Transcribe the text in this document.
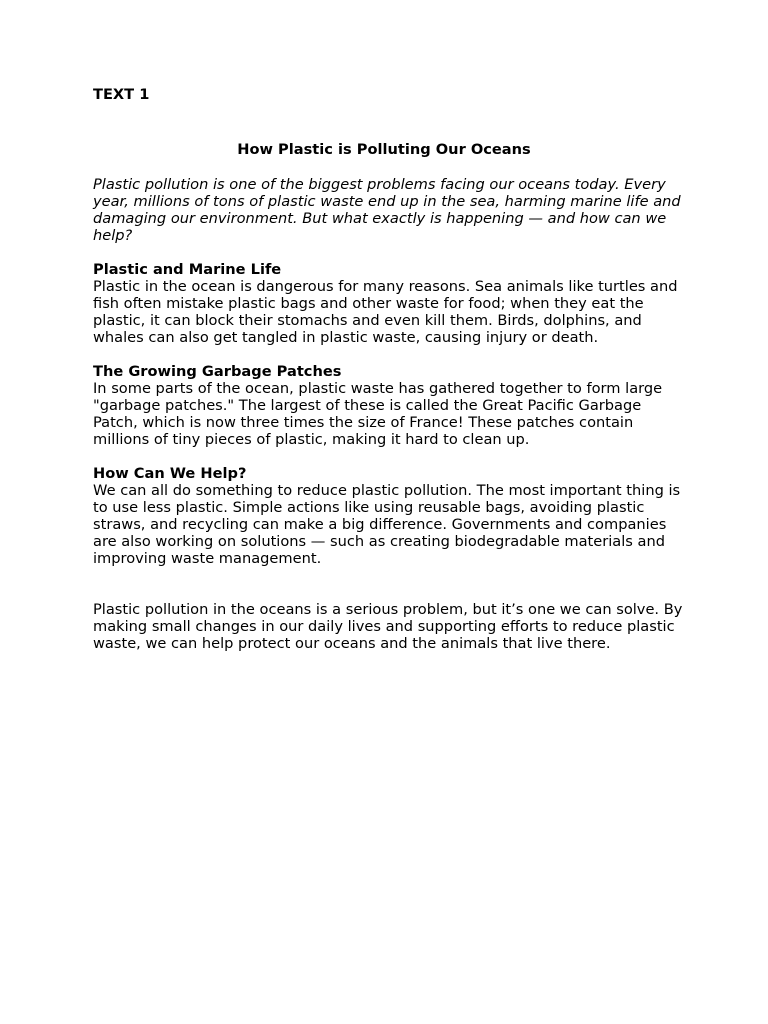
TEXT 1

How Plastic is Polluting Our Oceans

Plastic pollution is one of the biggest problems facing our oceans today. Every year, millions of tons of plastic waste end up in the sea, harming marine life and damaging our environment. But what exactly is happening — and how can we help?

Plastic and Marine Life

Plastic in the ocean is dangerous for many reasons. Sea animals like turtles and fish often mistake plastic bags and other waste for food; when they eat the plastic, it can block their stomachs and even kill them. Birds, dolphins, and whales can also get tangled in plastic waste, causing injury or death.

The Growing Garbage Patches

In some parts of the ocean, plastic waste has gathered together to form large "garbage patches." The largest of these is called the Great Pacific Garbage Patch, which is now three times the size of France! These patches contain millions of tiny pieces of plastic, making it hard to clean up.

How Can We Help?

We can all do something to reduce plastic pollution. The most important thing is to use less plastic. Simple actions like using reusable bags, avoiding plastic straws, and recycling can make a big difference. Governments and companies are also working on solutions — such as creating biodegradable materials and improving waste management.

Plastic pollution in the oceans is a serious problem, but it’s one we can solve. By making small changes in our daily lives and supporting efforts to reduce plastic waste, we can help protect our oceans and the animals that live there.
